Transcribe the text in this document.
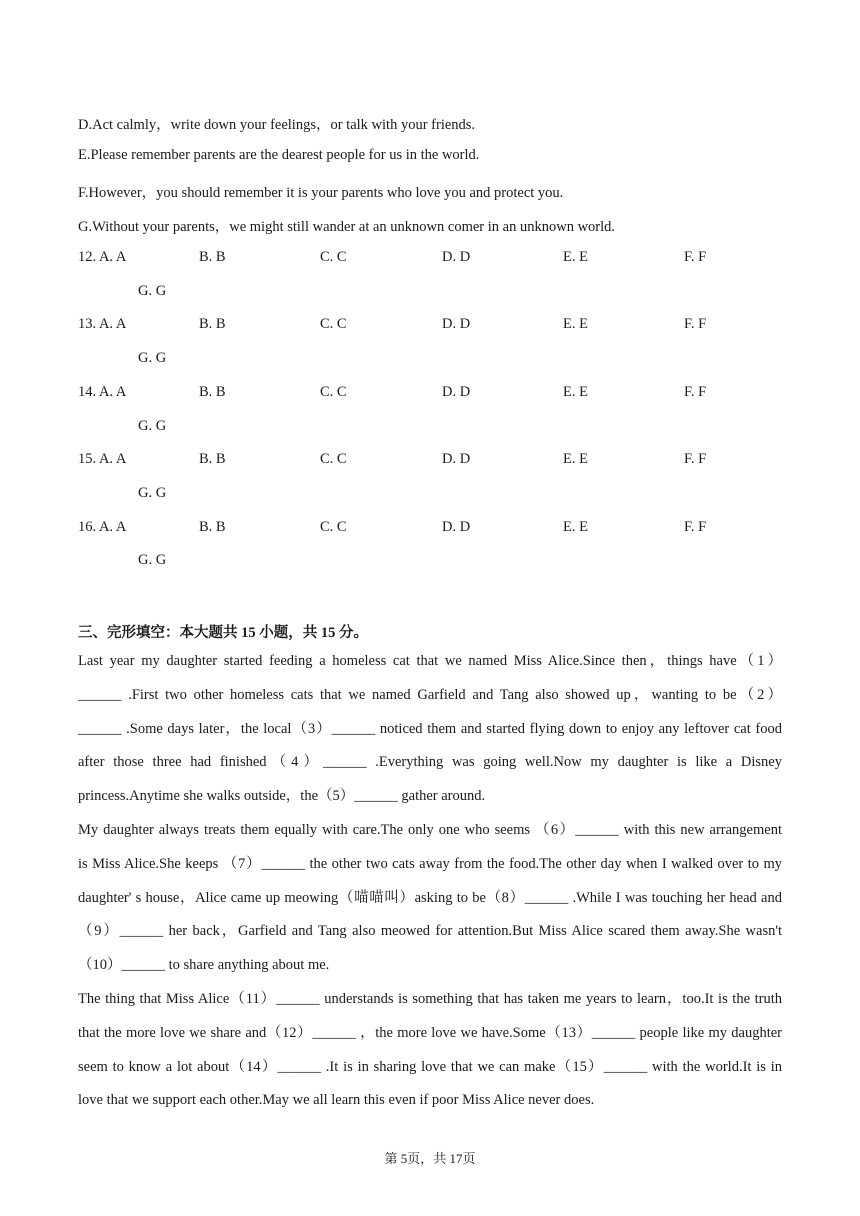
D.Act calmly，write down your feelings，or talk with your friends.
E.Please remember parents are the dearest people for us in the world.
F.However，you should remember it is your parents who love you and protect you.
G.Without your parents，we might still wander at an unknown comer in an unknown world.
12. A. A	B. B	C. C	D. D	E. E	F. F
G. G
13. A. A	B. B	C. C	D. D	E. E	F. F
G. G
14. A. A	B. B	C. C	D. D	E. E	F. F
G. G
15. A. A	B. B	C. C	D. D	E. E	F. F
G. G
16. A. A	B. B	C. C	D. D	E. E	F. F
G. G
三、完形填空：本大题共 15 小题，共 15 分。
Last year my daughter started feeding a homeless cat that we named Miss Alice.Since then，things have（1）
______ .First two other homeless cats that we named Garfield and Tang also showed up，wanting to be（2）
______ .Some days later，the local（3）______ noticed them and started flying down to enjoy any leftover cat food
after those three had finished（4）______ .Everything was going well.Now my daughter is like a Disney
princess.Anytime she walks outside，the（5）______ gather around.
My daughter always treats them equally with care.The only one who seems （6）______ with this new arrangement
is Miss Alice.She keeps （7）______ the other two cats away from the food.The other day when I walked over to my
daughter' s house，Alice came up meowing（喵喵叫）asking to be（8）______ .While I was touching her head and
（9）______ her back，Garfield and Tang also meowed for attention.But Miss Alice scared them away.She wasn't
（10）______ to share anything about me.
The thing that Miss Alice（11）______ understands is something that has taken me years to learn，too.It is the truth
that the more love we share and（12）______ ，the more love we have.Some（13）______ people like my daughter
seem to know a lot about（14）______ .It is in sharing love that we can make（15）______ with the world.It is in
love that we support each other.May we all learn this even if poor Miss Alice never does.
第 5页，共 17页
